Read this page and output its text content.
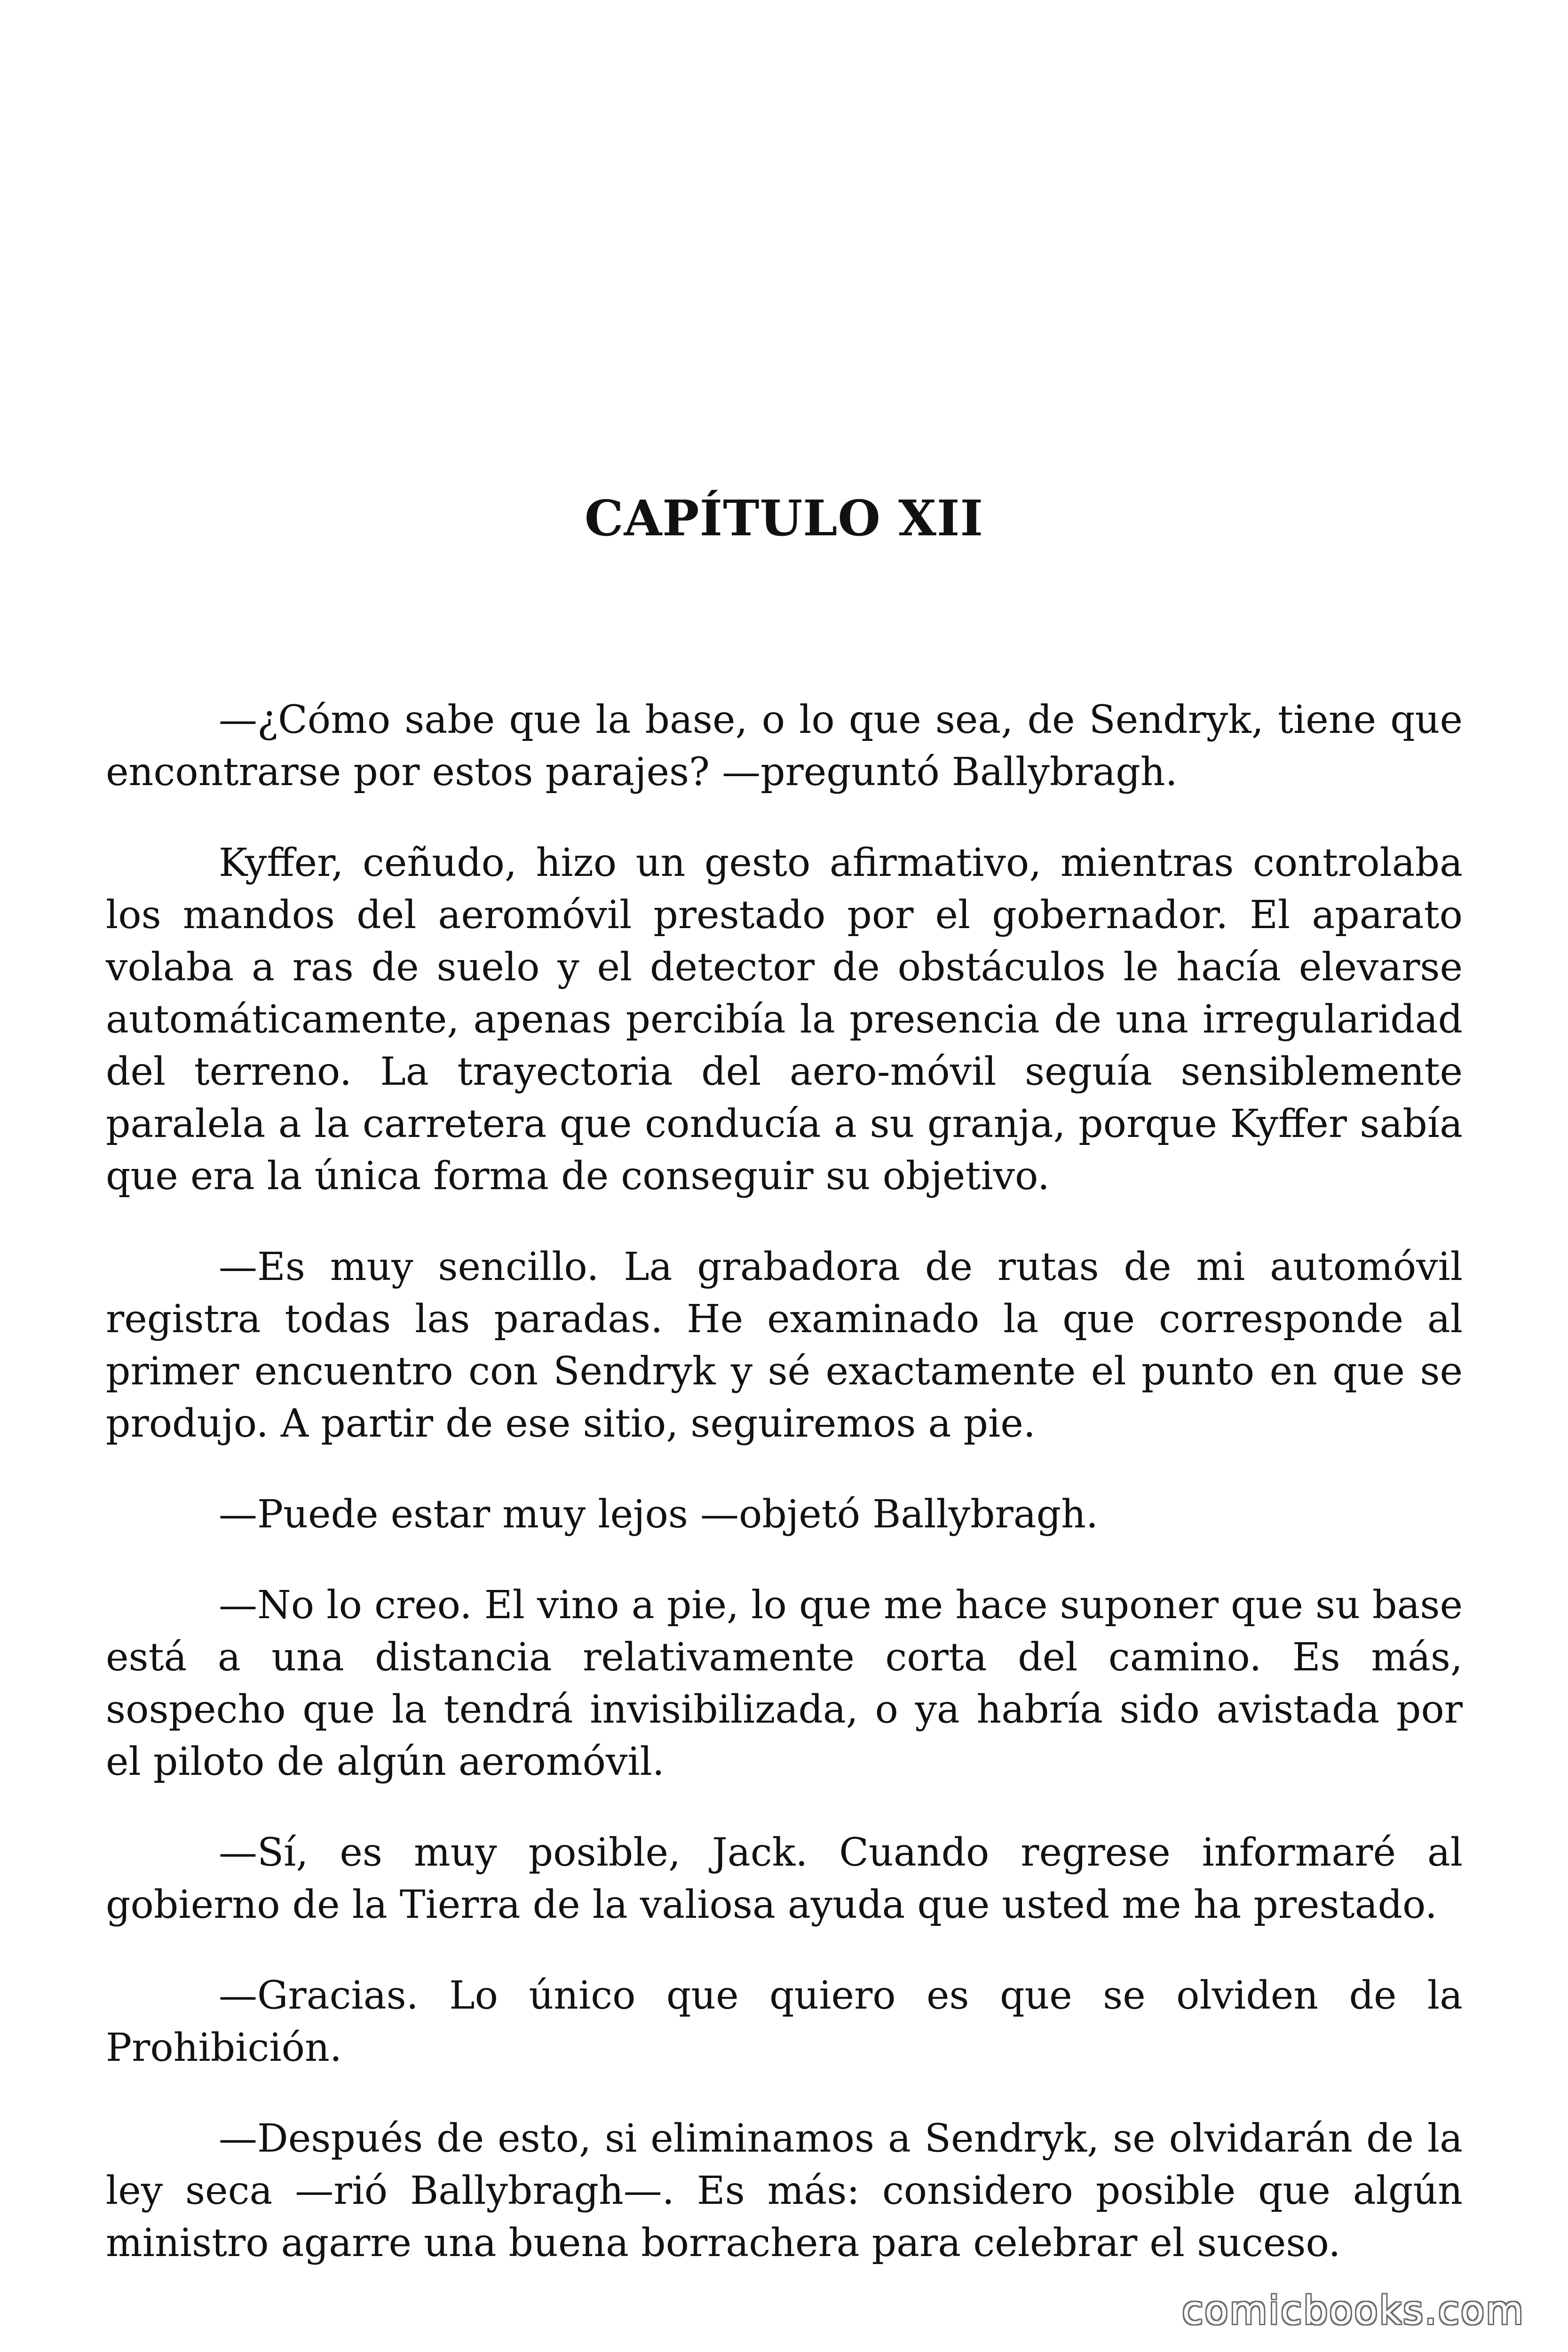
CAPÍTULO XII

—¿Cómo sabe que la base, o lo que sea, de Sendryk, tiene que encontrarse por estos parajes? —preguntó Ballybragh.

Kyffer, ceñudo, hizo un gesto afirmativo, mientras controlaba los mandos del aeromóvil prestado por el gobernador. El aparato volaba a ras de suelo y el detector de obstáculos le hacía elevarse automáticamente, apenas percibía la presencia de una irregularidad del terreno. La trayectoria del aero-móvil seguía sensiblemente paralela a la carretera que conducía a su granja, porque Kyffer sabía que era la única forma de conseguir su objetivo.

—Es muy sencillo. La grabadora de rutas de mi automóvil registra todas las paradas. He examinado la que corresponde al primer encuentro con Sendryk y sé exactamente el punto en que se produjo. A partir de ese sitio, seguiremos a pie.

—Puede estar muy lejos —objetó Ballybragh.

—No lo creo. El vino a pie, lo que me hace suponer que su base está a una distancia relativamente corta del camino. Es más, sospecho que la tendrá invisibilizada, o ya habría sido avistada por el piloto de algún aeromóvil.

—Sí, es muy posible, Jack. Cuando regrese informaré al gobierno de la Tierra de la valiosa ayuda que usted me ha prestado.

—Gracias. Lo único que quiero es que se olviden de la Prohibición.

—Después de esto, si eliminamos a Sendryk, se olvidarán de la ley seca —rió Ballybragh—. Es más: considero posible que algún ministro agarre una buena borrachera para celebrar el suceso.

comicbooks.com
